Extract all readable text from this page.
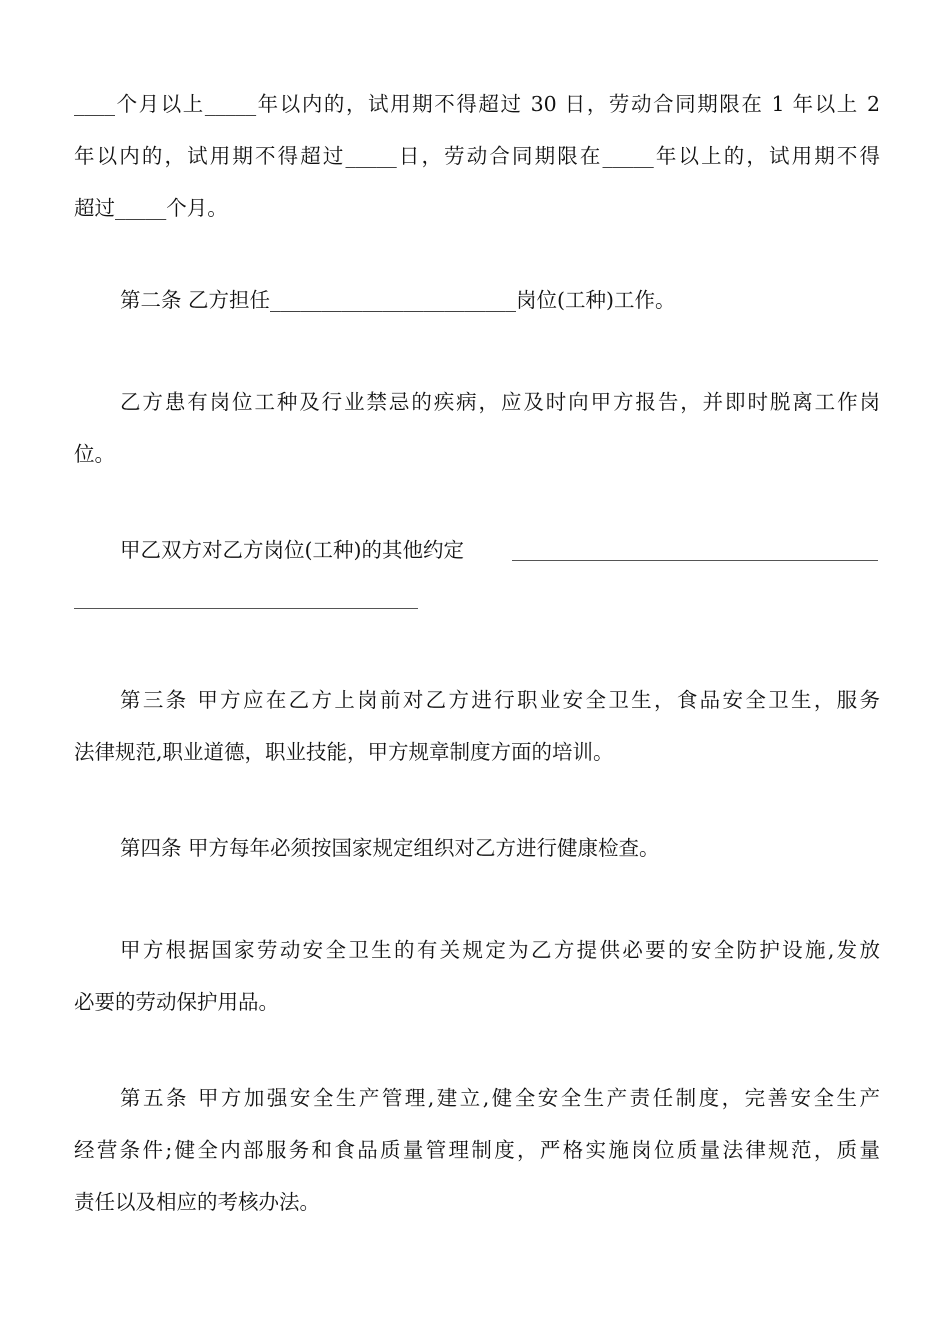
____个月以上_____年以内的，试用期不得超过 30 日，劳动合同期限在 1 年以上 2
年以内的，试用期不得超过_____日，劳动合同期限在_____年以上的，试用期不得
超过_____个月。
第二条 乙方担任________________________岗位(工种)工作。
乙方患有岗位工种及行业禁忌的疾病，应及时向甲方报告，并即时脱离工作岗
位。
甲乙双方对乙方岗位(工种)的其他约定
第三条 甲方应在乙方上岗前对乙方进行职业安全卫生，食品安全卫生，服务
法律规范,职业道德，职业技能，甲方规章制度方面的培训。
第四条 甲方每年必须按国家规定组织对乙方进行健康检查。
甲方根据国家劳动安全卫生的有关规定为乙方提供必要的安全防护设施,发放
必要的劳动保护用品。
第五条 甲方加强安全生产管理,建立,健全安全生产责任制度，完善安全生产
经营条件;健全内部服务和食品质量管理制度，严格实施岗位质量法律规范，质量
责任以及相应的考核办法。
